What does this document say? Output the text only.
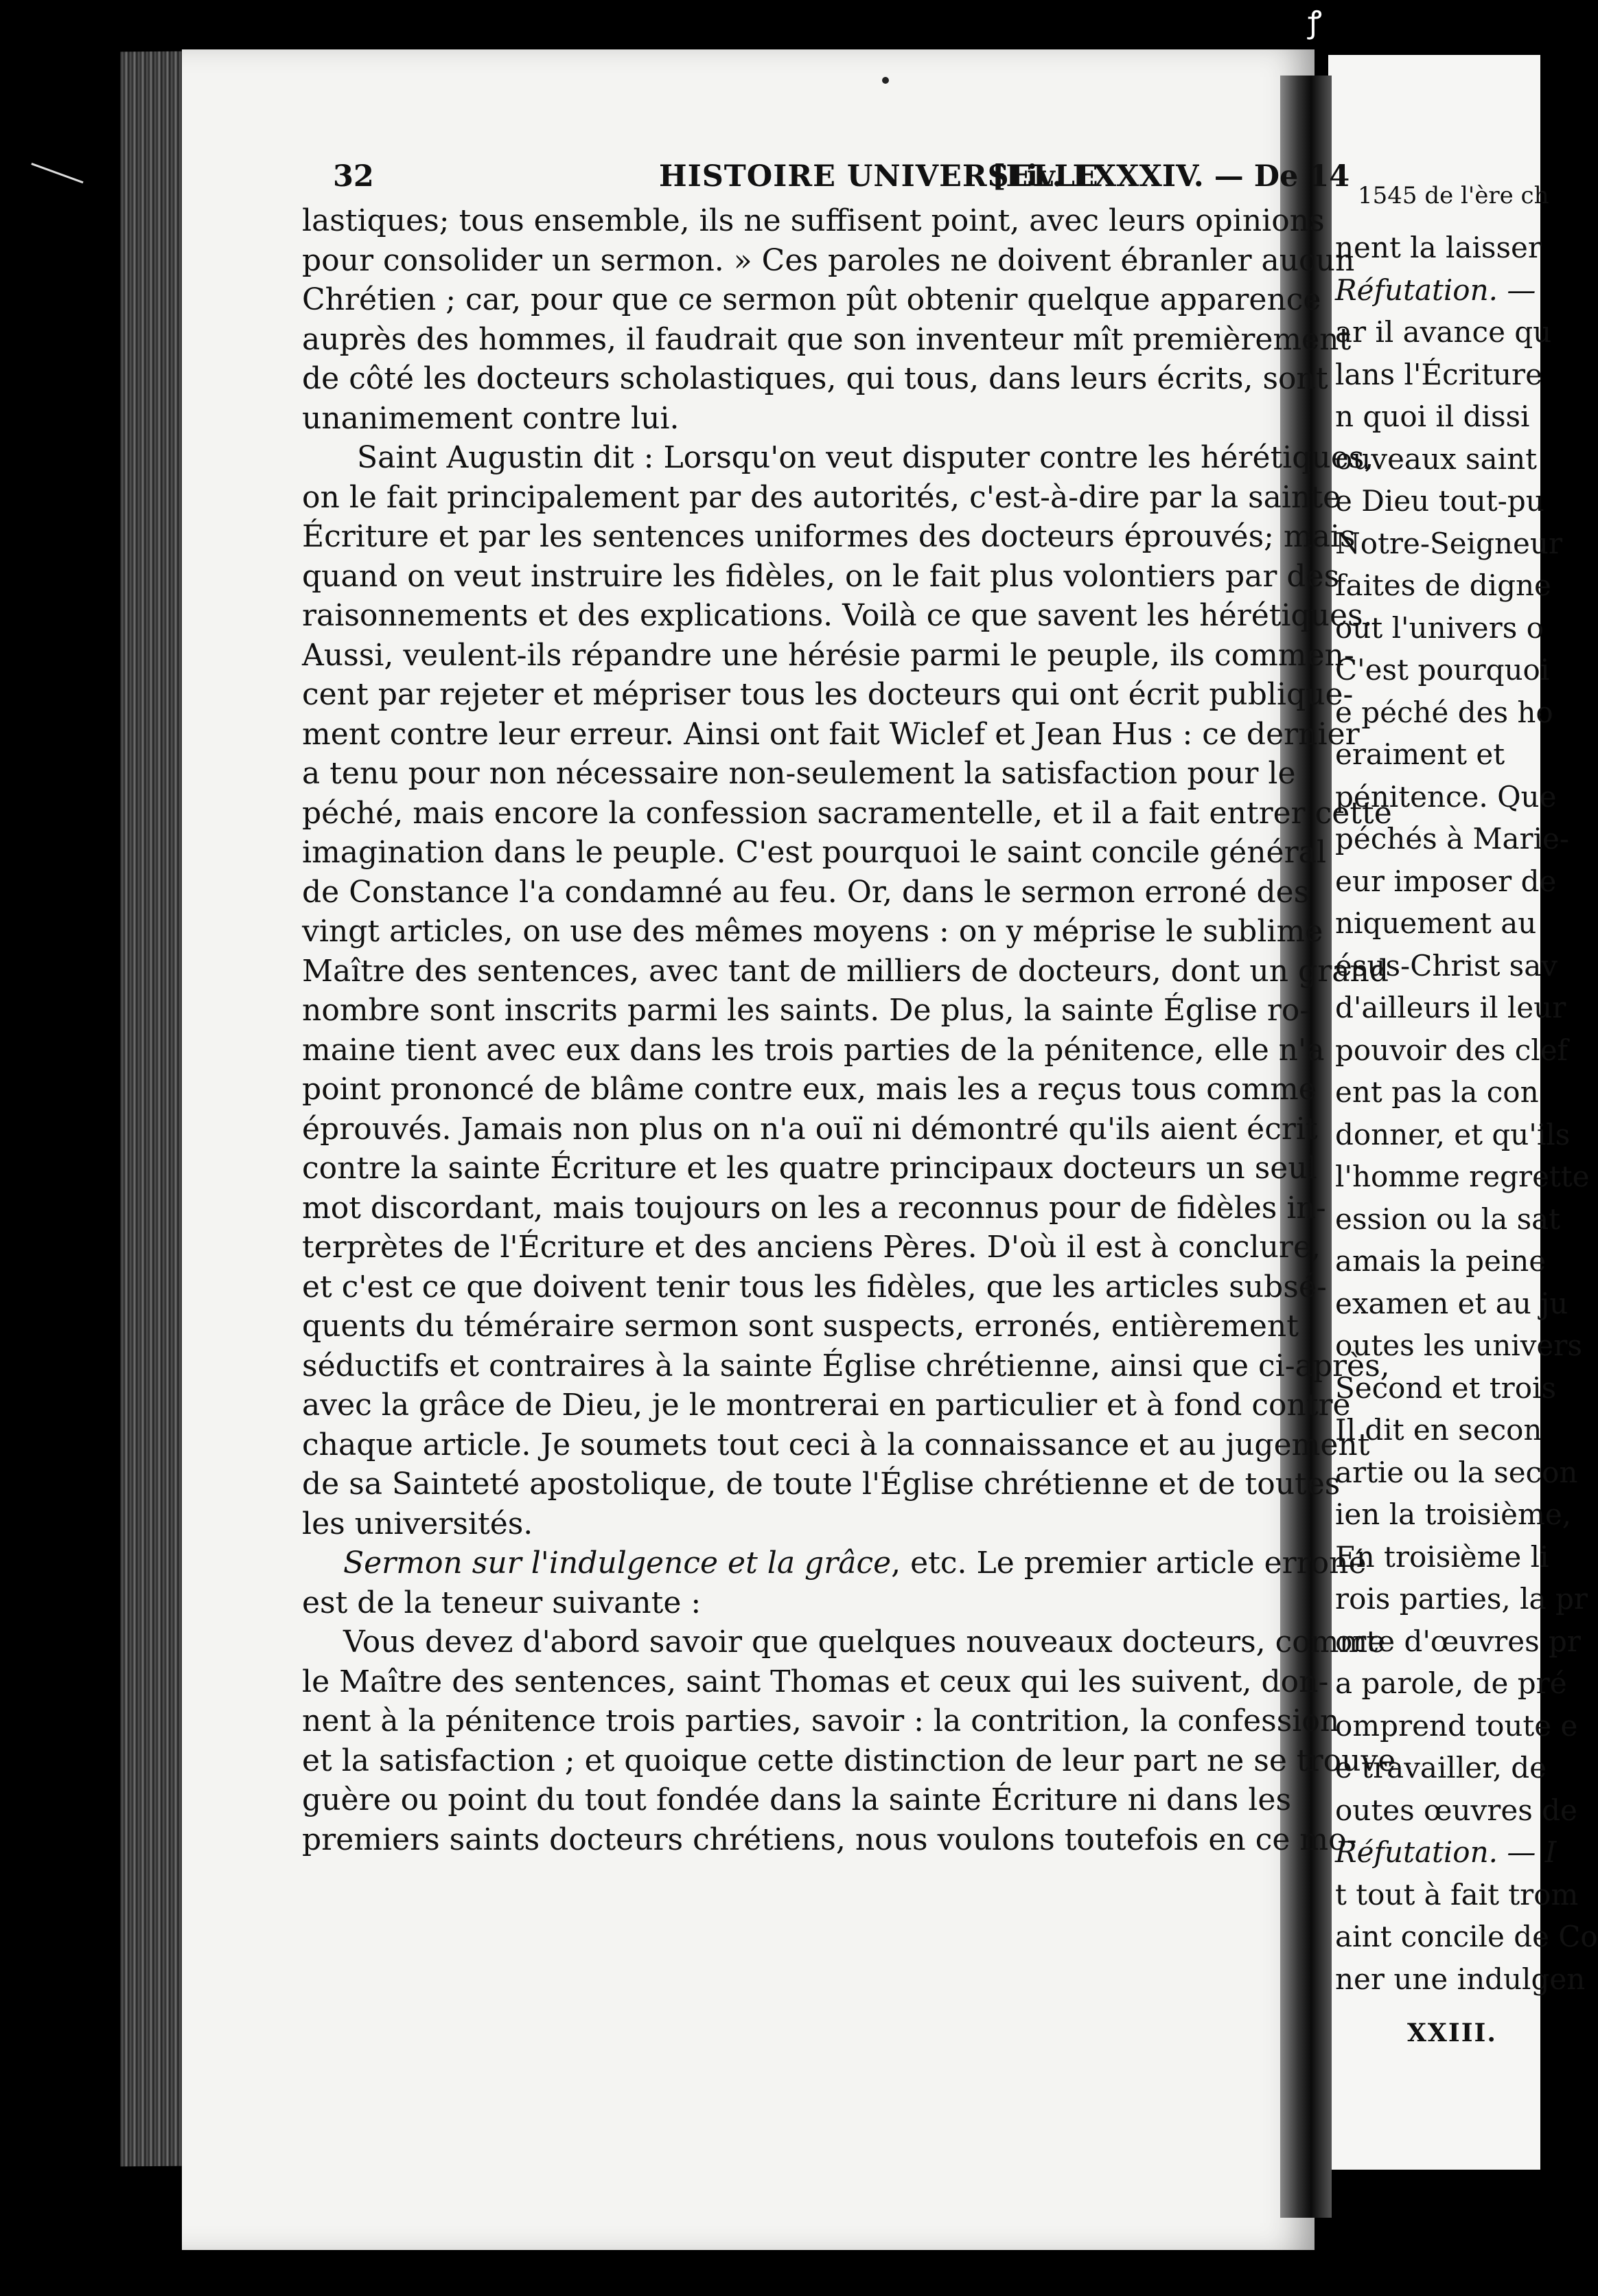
ꝭ
32	HISTOIRE UNIVERSELLE
[Liv. LXXXIV. — De 14
lastiques; tous ensemble, ils ne suffisent point, avec leurs opinions
pour consolider un sermon. » Ces paroles ne doivent ébranler aucun
Chrétien ; car, pour que ce sermon pût obtenir quelque apparence
auprès des hommes, il faudrait que son inventeur mît premièrement
de côté les docteurs scholastiques, qui tous, dans leurs écrits, sont
unanimement contre lui.
Saint Augustin dit : Lorsqu'on veut disputer contre les hérétiques,
on le fait principalement par des autorités, c'est-à-dire par la sainte
Écriture et par les sentences uniformes des docteurs éprouvés; mais
quand on veut instruire les fidèles, on le fait plus volontiers par des
raisonnements et des explications. Voilà ce que savent les hérétiques.
Aussi, veulent-ils répandre une hérésie parmi le peuple, ils commen-
cent par rejeter et mépriser tous les docteurs qui ont écrit publique-
ment contre leur erreur. Ainsi ont fait Wiclef et Jean Hus : ce dernier
a tenu pour non nécessaire non-seulement la satisfaction pour le
péché, mais encore la confession sacramentelle, et il a fait entrer cette
imagination dans le peuple. C'est pourquoi le saint concile général
de Constance l'a condamné au feu. Or, dans le sermon erroné des
vingt articles, on use des mêmes moyens : on y méprise le sublime
Maître des sentences, avec tant de milliers de docteurs, dont un grand
nombre sont inscrits parmi les saints. De plus, la sainte Église ro-
maine tient avec eux dans les trois parties de la pénitence, elle n'a
point prononcé de blâme contre eux, mais les a reçus tous comme
éprouvés. Jamais non plus on n'a ouï ni démontré qu'ils aient écrit
contre la sainte Écriture et les quatre principaux docteurs un seul
mot discordant, mais toujours on les a reconnus pour de fidèles in-
terprètes de l'Écriture et des anciens Pères. D'où il est à conclure,
et c'est ce que doivent tenir tous les fidèles, que les articles subsé-
quents du téméraire sermon sont suspects, erronés, entièrement
séductifs et contraires à la sainte Église chrétienne, ainsi que ci-après,
avec la grâce de Dieu, je le montrerai en particulier et à fond contre
chaque article. Je soumets tout ceci à la connaissance et au jugement
de sa Sainteté apostolique, de toute l'Église chrétienne et de toutes
les universités.
Sermon sur l'indulgence et la grâce, etc. Le premier article erroné
est de la teneur suivante :
Vous devez d'abord savoir que quelques nouveaux docteurs, comme
le Maître des sentences, saint Thomas et ceux qui les suivent, don-
nent à la pénitence trois parties, savoir : la contrition, la confession
et la satisfaction ; et quoique cette distinction de leur part ne se trouve
guère ou point du tout fondée dans la sainte Écriture ni dans les
premiers saints docteurs chrétiens, nous voulons toutefois en ce mo-
1545 de l'ère ch
nent la laisser
Réfutation. —
ar il avance qu
lans l'Écriture
n quoi il dissi
ouveaux saint
e Dieu tout-pu
Notre-Seigneur
faites de digne
out l'univers o
C'est pourquoi
e péché des ho
eraiment et
pénitence. Que
péchés à Marie-
eur imposer de
niquement au
ésus-Christ sav
d'ailleurs il leur
pouvoir des clef
ent pas la con
donner, et qu'ils
l'homme regrette
ession ou la sat
amais la peine
examen et au ju
outes les univers
Second et trois
Il dit en secon
artie ou la secon
ien la troisième,
En troisième li
rois parties, la pr
orte d'œuvres pr
a parole, de pré
omprend toute e
e travailler, de
outes œuvres de
Réfutation. — I
t tout à fait trom
aint concile de Co
ner une indulgen
XXIII.
